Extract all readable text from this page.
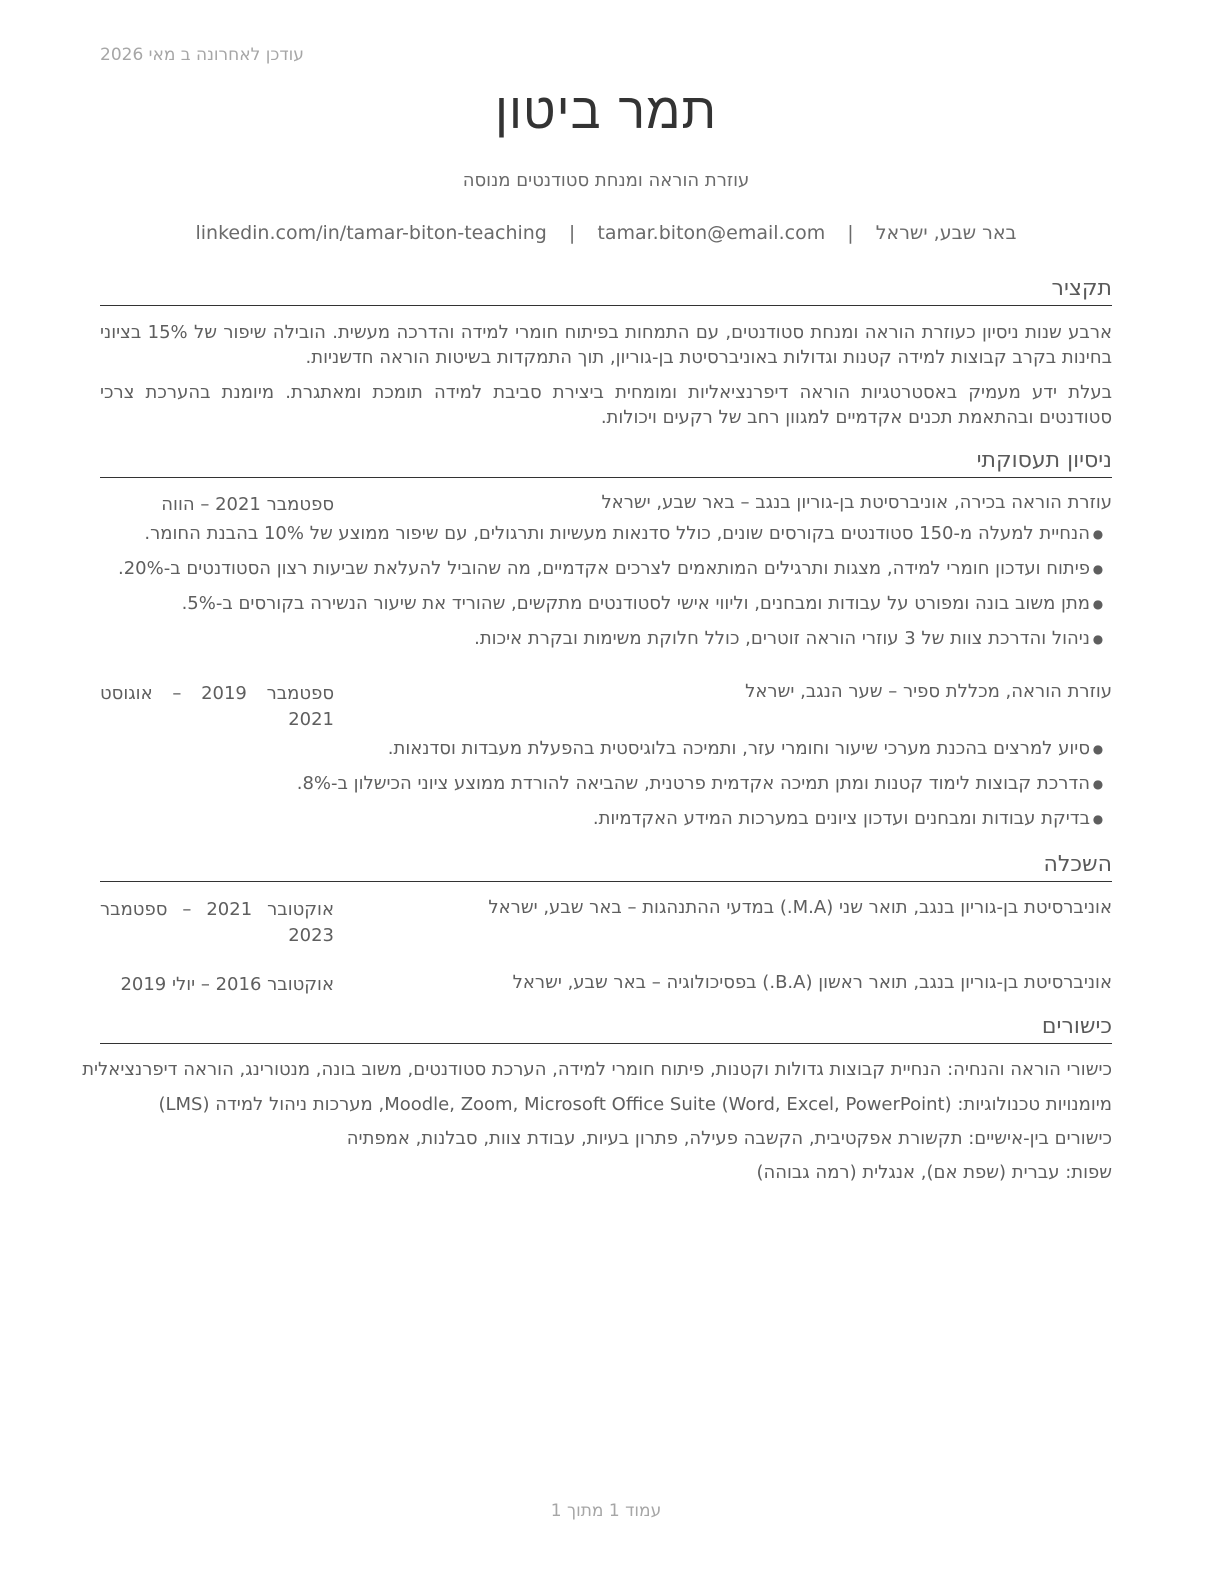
עודכן לאחרונה ב מאי 2026
תמר ביטון
עוזרת הוראה ומנחת סטודנטים מנוסה
באר שבע, ישראל | tamar.biton@email.com | linkedin.com/in/tamar-biton-teaching
תקציר
ארבע שנות ניסיון כעוזרת הוראה ומנחת סטודנטים, עם התמחות בפיתוח חומרי למידה והדרכה מעשית. הובילה שיפור של 15% בציוני בחינות בקרב קבוצות למידה קטנות וגדולות באוניברסיטת בן-גוריון, תוך התמקדות בשיטות הוראה חדשניות.
בעלת ידע מעמיק באסטרטגיות הוראה דיפרנציאליות ומומחית ביצירת סביבת למידה תומכת ומאתגרת. מיומנת בהערכת צרכי סטודנטים ובהתאמת תכנים אקדמיים למגוון רחב של רקעים ויכולות.
ניסיון תעסוקתי
עוזרת הוראה בכירה, אוניברסיטת בן-גוריון בנגב – באר שבע, ישראל
ספטמבר 2021 – הווה
●הנחיית למעלה מ-150 סטודנטים בקורסים שונים, כולל סדנאות מעשיות ותרגולים, עם שיפור ממוצע של 10% בהבנת החומר.
●פיתוח ועדכון חומרי למידה, מצגות ותרגילים המותאמים לצרכים אקדמיים, מה שהוביל להעלאת שביעות רצון הסטודנטים ב-20%.
●מתן משוב בונה ומפורט על עבודות ומבחנים, וליווי אישי לסטודנטים מתקשים, שהוריד את שיעור הנשירה בקורסים ב-5%.
●ניהול והדרכת צוות של 3 עוזרי הוראה זוטרים, כולל חלוקת משימות ובקרת איכות.
עוזרת הוראה, מכללת ספיר – שער הנגב, ישראל
ספטמבר 2019 – אוגוסט 2021
●סיוע למרצים בהכנת מערכי שיעור וחומרי עזר, ותמיכה בלוגיסטית בהפעלת מעבדות וסדנאות.
●הדרכת קבוצות לימוד קטנות ומתן תמיכה אקדמית פרטנית, שהביאה להורדת ממוצע ציוני הכישלון ב-8%.
●בדיקת עבודות ומבחנים ועדכון ציונים במערכות המידע האקדמיות.
השכלה
אוניברסיטת בן-גוריון בנגב, תואר שני (M.A.) במדעי ההתנהגות – באר שבע, ישראל
אוקטובר 2021 – ספטמבר 2023
אוניברסיטת בן-גוריון בנגב, תואר ראשון (B.A.) בפסיכולוגיה – באר שבע, ישראל
אוקטובר 2016 – יולי 2019
כישורים
כישורי הוראה והנחיה: הנחיית קבוצות גדולות וקטנות, פיתוח חומרי למידה, הערכת סטודנטים, משוב בונה, מנטורינג, הוראה דיפרנציאלית
מיומנויות טכנולוגיות: Moodle, Zoom, Microsoft Office Suite (Word, Excel, PowerPoint), מערכות ניהול למידה (LMS)
כישורים בין-אישיים: תקשורת אפקטיבית, הקשבה פעילה, פתרון בעיות, עבודת צוות, סבלנות, אמפתיה
שפות: עברית (שפת אם), אנגלית (רמה גבוהה)
עמוד 1 מתוך 1
